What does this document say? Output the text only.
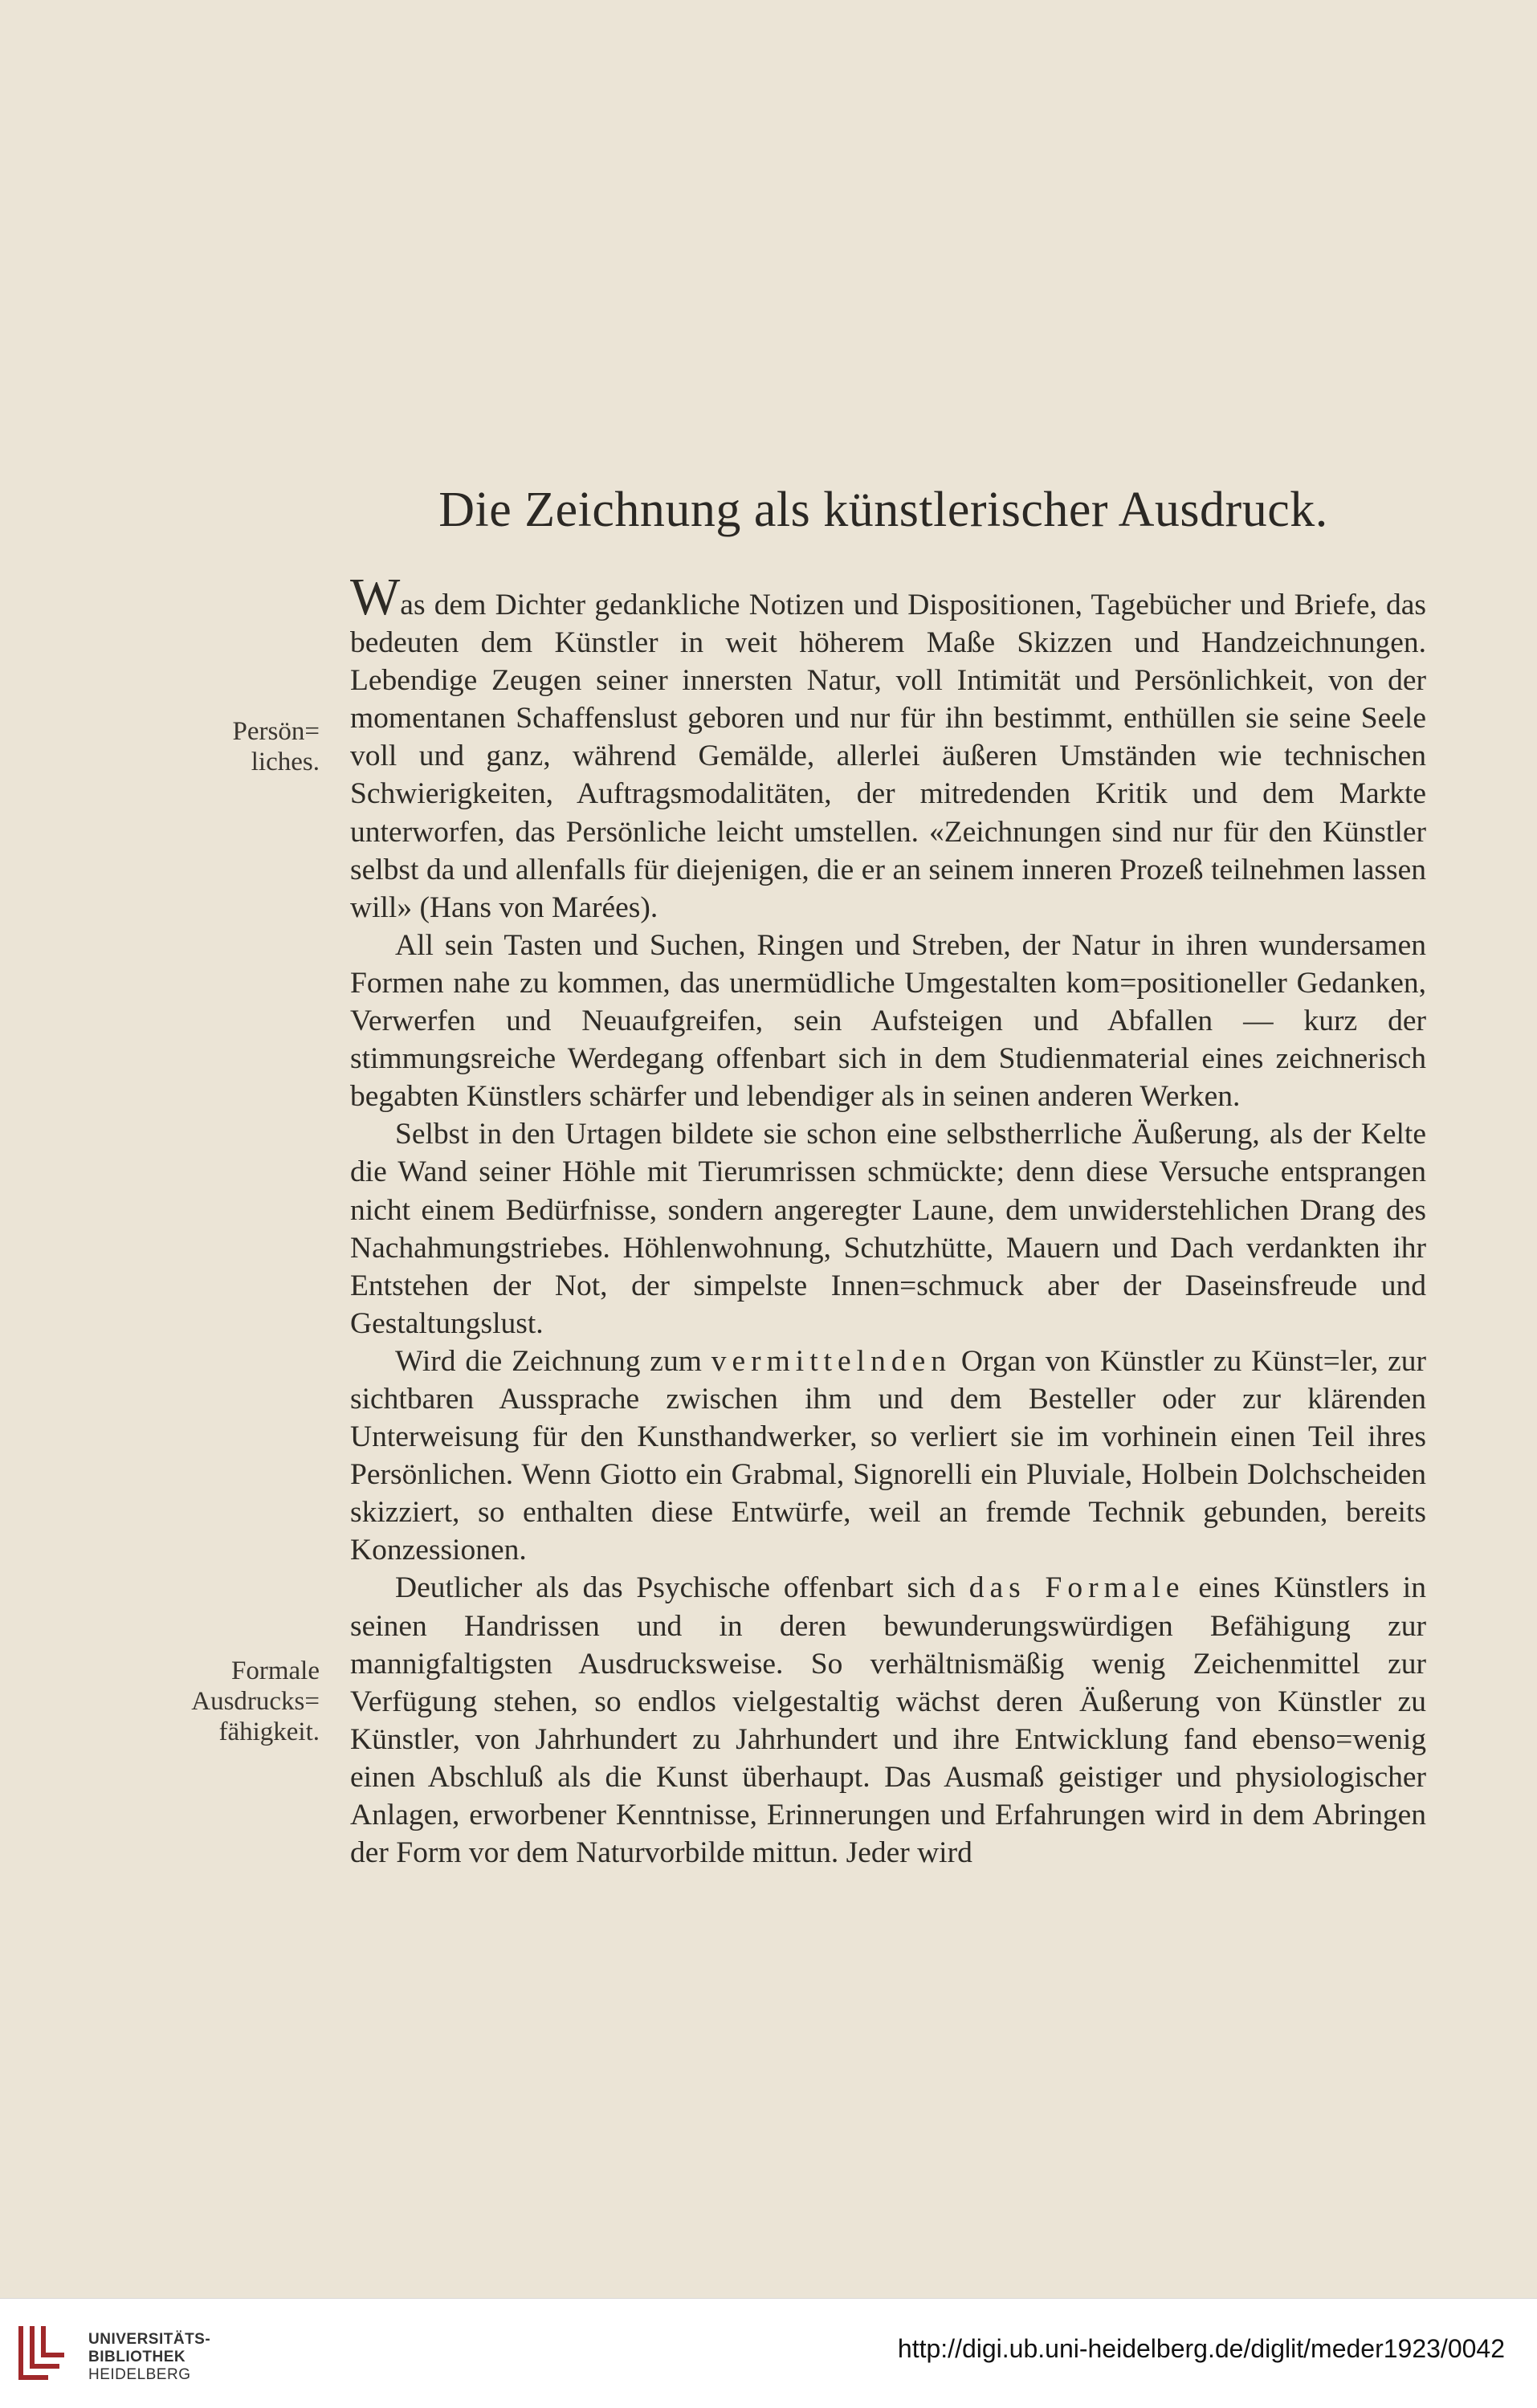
Die Zeichnung als künstlerischer Ausdruck.
Persön=
liches.
Formale
Ausdrucks=
fähigkeit.

Was dem Dichter gedankliche Notizen und Dispositionen, Tagebücher und Briefe, das bedeuten dem Künstler in weit höherem Maße Skizzen und Handzeichnungen. Lebendige Zeugen seiner innersten Natur, voll Intimität und Persönlichkeit, von der momentanen Schaffenslust geboren und nur für ihn bestimmt, enthüllen sie seine Seele voll und ganz, während Gemälde, allerlei äußeren Umständen wie technischen Schwierigkeiten, Auftragsmodalitäten, der mitredenden Kritik und dem Markte unterworfen, das Persönliche leicht umstellen. «Zeichnungen sind nur für den Künstler selbst da und allenfalls für diejenigen, die er an seinem inneren Prozeß teilnehmen lassen will» (Hans von Marées).

All sein Tasten und Suchen, Ringen und Streben, der Natur in ihren wundersamen Formen nahe zu kommen, das unermüdliche Umgestalten kom=positioneller Gedanken, Verwerfen und Neuaufgreifen, sein Aufsteigen und Abfallen — kurz der stimmungsreiche Werdegang offenbart sich in dem Studienmaterial eines zeichnerisch begabten Künstlers schärfer und lebendiger als in seinen anderen Werken.

Selbst in den Urtagen bildete sie schon eine selbstherrliche Äußerung, als der Kelte die Wand seiner Höhle mit Tierumrissen schmückte; denn diese Versuche entsprangen nicht einem Bedürfnisse, sondern angeregter Laune, dem unwiderstehlichen Drang des Nachahmungstriebes. Höhlenwohnung, Schutzhütte, Mauern und Dach verdankten ihr Entstehen der Not, der simpelste Innen=schmuck aber der Daseinsfreude und Gestaltungslust.

Wird die Zeichnung zum vermittelnden Organ von Künstler zu Künst=ler, zur sichtbaren Aussprache zwischen ihm und dem Besteller oder zur klärenden Unterweisung für den Kunsthandwerker, so verliert sie im vorhinein einen Teil ihres Persönlichen. Wenn Giotto ein Grabmal, Signorelli ein Pluviale, Holbein Dolchscheiden skizziert, so enthalten diese Entwürfe, weil an fremde Technik gebunden, bereits Konzessionen.

Deutlicher als das Psychische offenbart sich das Formale eines Künstlers in seinen Handrissen und in deren bewunderungswürdigen Befähigung zur mannigfaltigsten Ausdrucksweise. So verhältnismäßig wenig Zeichenmittel zur Verfügung stehen, so endlos vielgestaltig wächst deren Äußerung von Künstler zu Künstler, von Jahrhundert zu Jahrhundert und ihre Entwicklung fand ebenso=wenig einen Abschluß als die Kunst überhaupt. Das Ausmaß geistiger und physiologischer Anlagen, erworbener Kenntnisse, Erinnerungen und Erfahrungen wird in dem Abringen der Form vor dem Naturvorbilde mittun. Jeder wird

UNIVERSITÄTS-
BIBLIOTHEK
HEIDELBERG
http://digi.ub.uni-heidelberg.de/diglit/meder1923/0042
